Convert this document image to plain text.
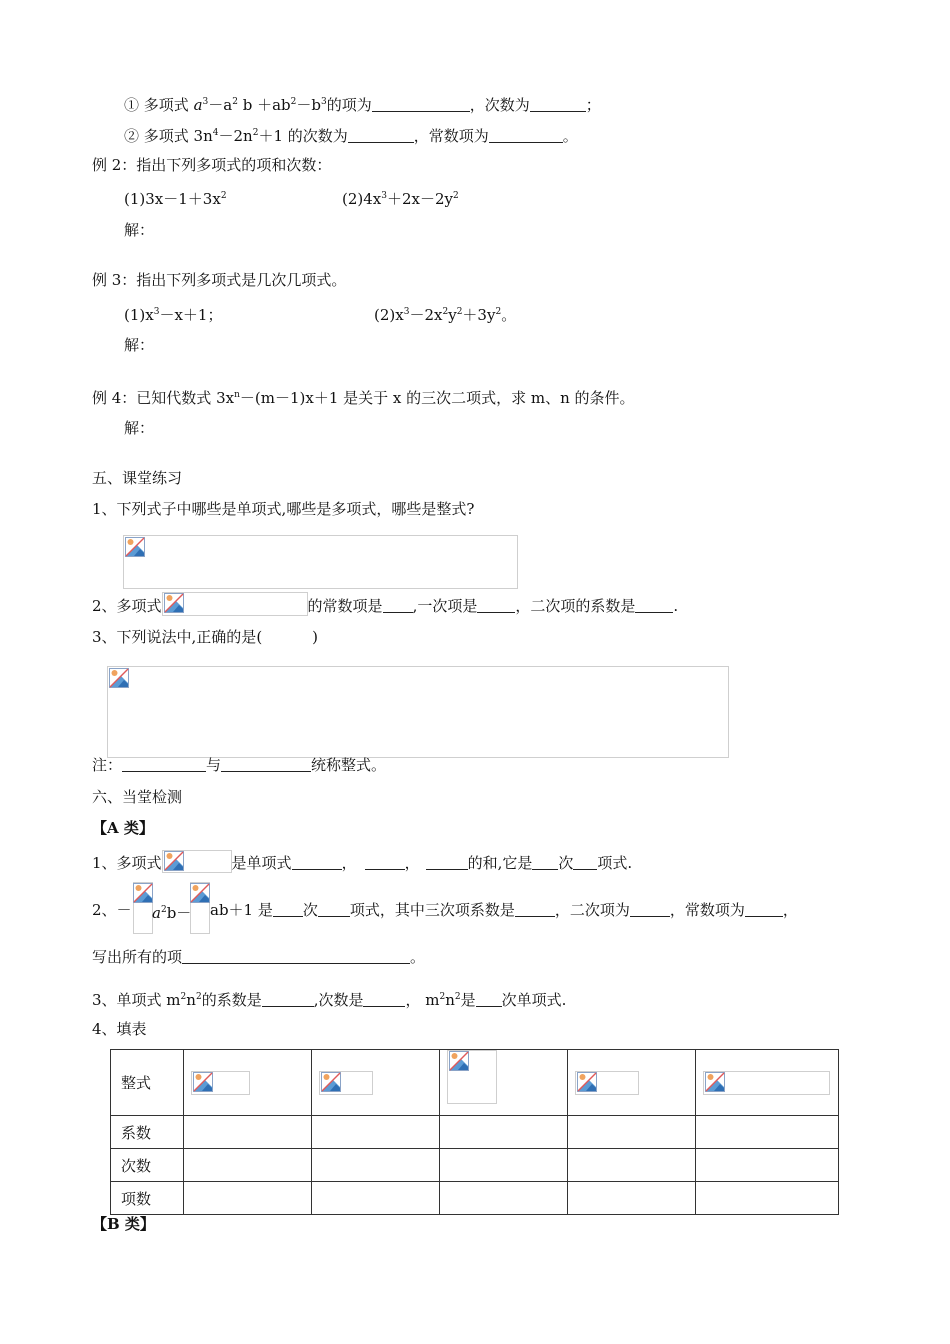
① 多项式 $a^3-a^2$ $b +ab^2-b^3$的项为	，次数为	；
② 多项式 $3n^4-2n^2+1$ 的次数为	，常数项为	。
例 2：指出下列多项式的项和次数：
$(1)3x-1+3x^2$	$(2)4x^3+2x-2y^2$
解：
例 3：指出下列多项式是几次几项式。
$(1)x^3-x+1$；	$(2)x^3-2x^2y^2+3y^2$。
解：
例 4：已知代数式 $3x^n-(m-1)x+1$ 是关于 x 的三次二项式，求 m、n 的条件。
解：
五、课堂练习
1、下列式子中哪些是单项式,哪些是多项式，哪些是整式?
2、多项式	的常数项是 ,一次项是	，二次项的系数是	.
3、下列说法中,正确的是(	)
注：	与	统称整式。
六、当堂检测
【A 类】
1、多项式	是单项式	，	，	的和,它是 次 项式.
2、－ $a^2b- ab+1$ 是 次 项式，其中三次项系数是	，二次项为	，常数项为	，
写出所有的项	。
3、单项式 $m^2n^2$的系数是	,次数是	， $m^2n^2$是 次单项式.
4、填表
整式	

系数					
次数					
项数					
【B 类】
